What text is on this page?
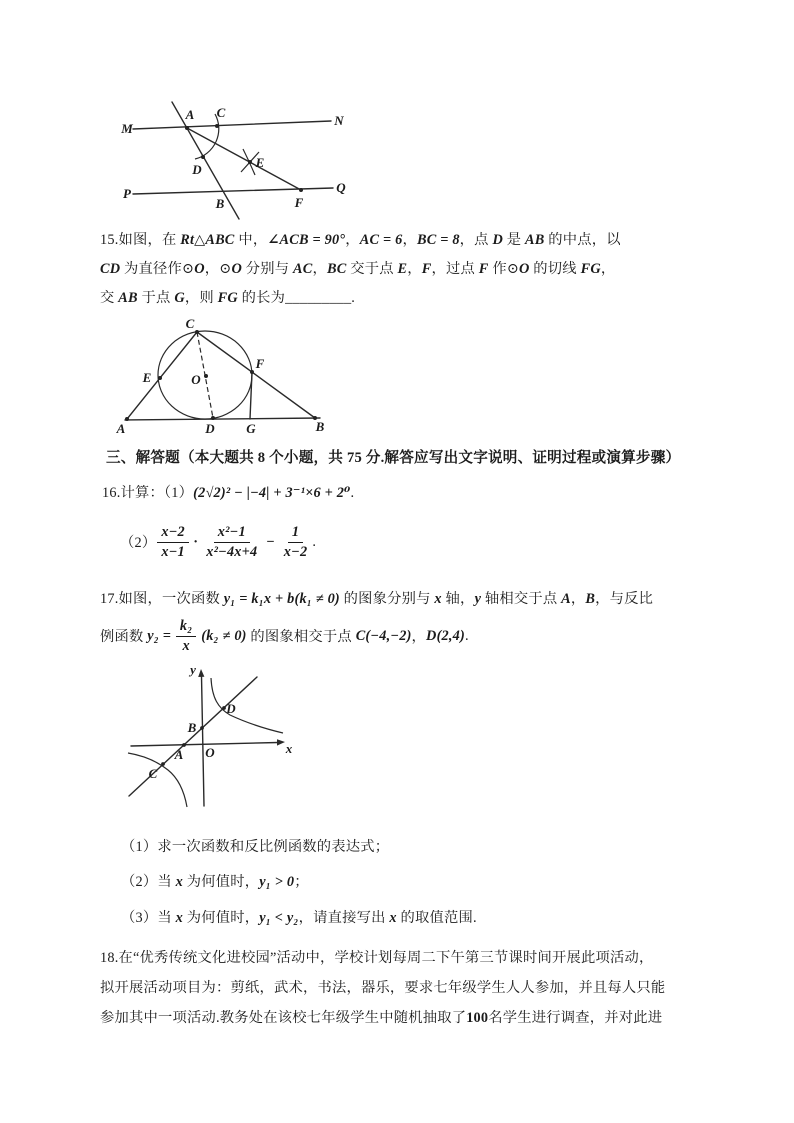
M
N
P	Q
A C
D	E
B	F
15.如图，在 Rt△ABC 中，∠ACB = 90°，AC = 6，BC = 8，点 D 是 AB 的中点，以
CD 为直径作⊙O，⊙O 分别与 AC，BC 交于点 E，F，过点 F 作⊙O 的切线 FG，
交 AB 于点 G，则 FG 的长为_________.
A	B
C
D G
E
F
O
三、解答题（本大题共 8 个小题，共 75 分.解答应写出文字说明、证明过程或演算步骤）
16.计算：（1）(2√2)² − |−4| + 3⁻¹×6 + 2⁰.
$(2) \frac{x-2}{x-1} \cdot \frac{\text{x²−1}}{\text{x²−4x+4}} - \frac{1}{x-2}$ .
17.如图，一次函数 y₁ = k₁x + b(k₁ ≠ 0) 的图象分别与 x 轴，y 轴相交于点 A，B，与反比
例函数 $y_2 = \frac{\text{k₂}}{x} (k_2 \ne 0)$ 的图象相交于点 C(−4,−2) ， D(2,4) .
y
x
O
A
B
C
D
（1）求一次函数和反比例函数的表达式；
（2）当 x 为何值时，y₁ > 0；
（3）当 x 为何值时，y₁ < y₂，请直接写出 x 的取值范围.
18.在“优秀传统文化进校园”活动中，学校计划每周二下午第三节课时间开展此项活动，
拟开展活动项目为：剪纸，武术，书法，器乐，要求七年级学生人人参加，并且每人只能
参加其中一项活动.教务处在该校七年级学生中随机抽取了100名学生进行调查，并对此进
